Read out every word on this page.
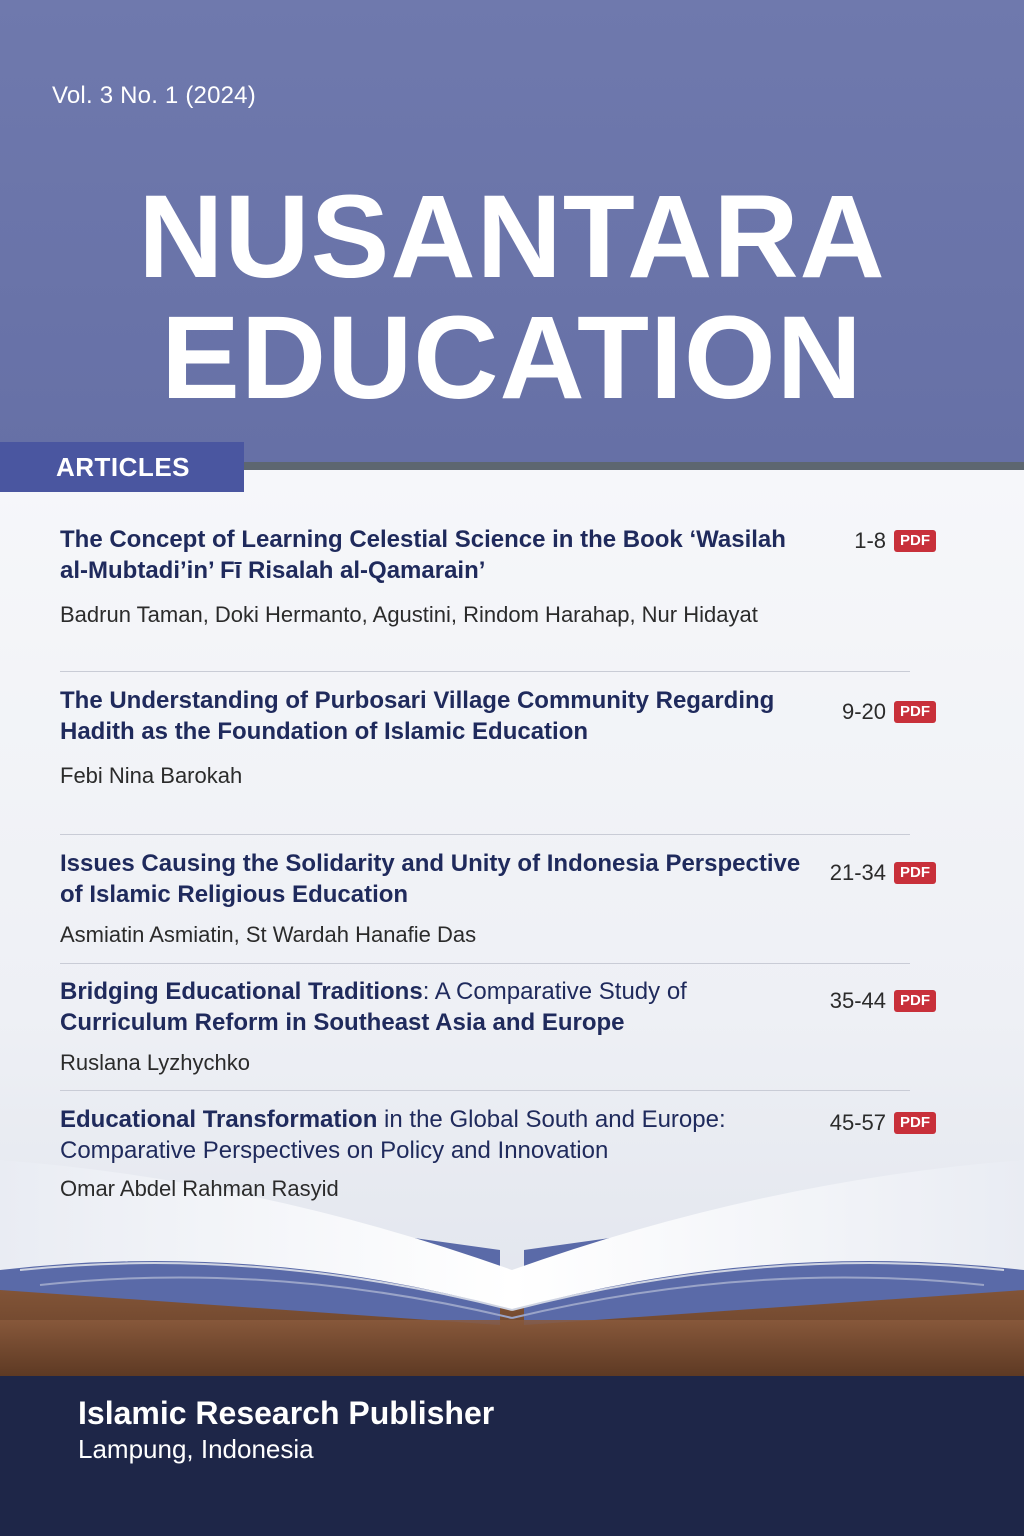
Vol. 3 No. 1 (2024)
NUSANTARA
EDUCATION
ARTICLES
The Concept of Learning Celestial Science in the Book ‘Wasilah al-Mubtadi’in’ Fī Risalah al-Qamarain’
Badrun Taman, Doki Hermanto, Agustini, Rindom Harahap, Nur Hidayat
1-8 PDF
The Understanding of Purbosari Village Community Regarding Hadith as the Foundation of Islamic Education
Febi Nina Barokah
9-20 PDF
Issues Causing the Solidarity and Unity of Indonesia Perspective of Islamic Religious Education
Asmiatin Asmiatin, St Wardah Hanafie Das
21-34 PDF
Bridging Educational Traditions: A Comparative Study of Curriculum Reform in Southeast Asia and Europe
Ruslana Lyzhychko
35-44 PDF
Educational Transformation in the Global South and Europe: Comparative Perspectives on Policy and Innovation
Omar Abdel Rahman Rasyid
45-57 PDF
Islamic Research Publisher
Lampung, Indonesia
